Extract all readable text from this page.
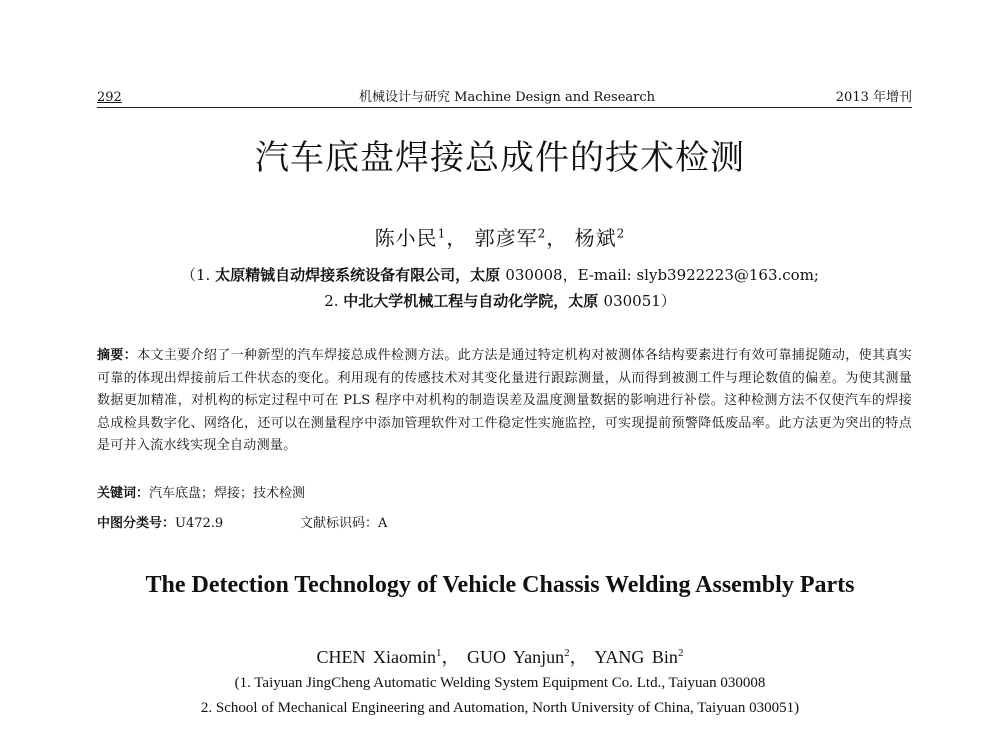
292	机械设计与研究 Machine Design and Research	2013 年增刊
汽车底盘焊接总成件的技术检测
陈小民$^1$， 郭彦军$^2$， 杨斌$^2$
（1. 太原精铖自动焊接系统设备有限公司，太原 030008，E-mail: slyb3922223@163.com;
2. 中北大学机械工程与自动化学院，太原 030051）
摘要：本文主要介绍了一种新型的汽车焊接总成件检测方法。此方法是通过特定机构对被测体各结构要素进行有效可靠捕捉随动，使其真实可靠的体现出焊接前后工件状态的变化。利用现有的传感技术对其变化量进行跟踪测量，从而得到被测工件与理论数值的偏差。为使其测量数据更加精准，对机构的标定过程中可在 PLS 程序中对机构的制造误差及温度测量数据的影响进行补偿。这种检测方法不仅使汽车的焊接总成检具数字化、网络化，还可以在测量程序中添加管理软件对工件稳定性实施监控，可实现提前预警降低废品率。此方法更为突出的特点是可并入流水线实现全自动测量。
关键词：汽车底盘；焊接；技术检测
中图分类号：U472.9	文献标识码：A
The Detection Technology of Vehicle Chassis Welding Assembly Parts
CHEN Xiaomin$^1$， GUO Yanjun$^2$， YANG Bin$^2$
(1. Taiyuan JingCheng Automatic Welding System Equipment Co. Ltd., Taiyuan 030008
2. School of Mechanical Engineering and Automation, North University of China, Taiyuan 030051)
